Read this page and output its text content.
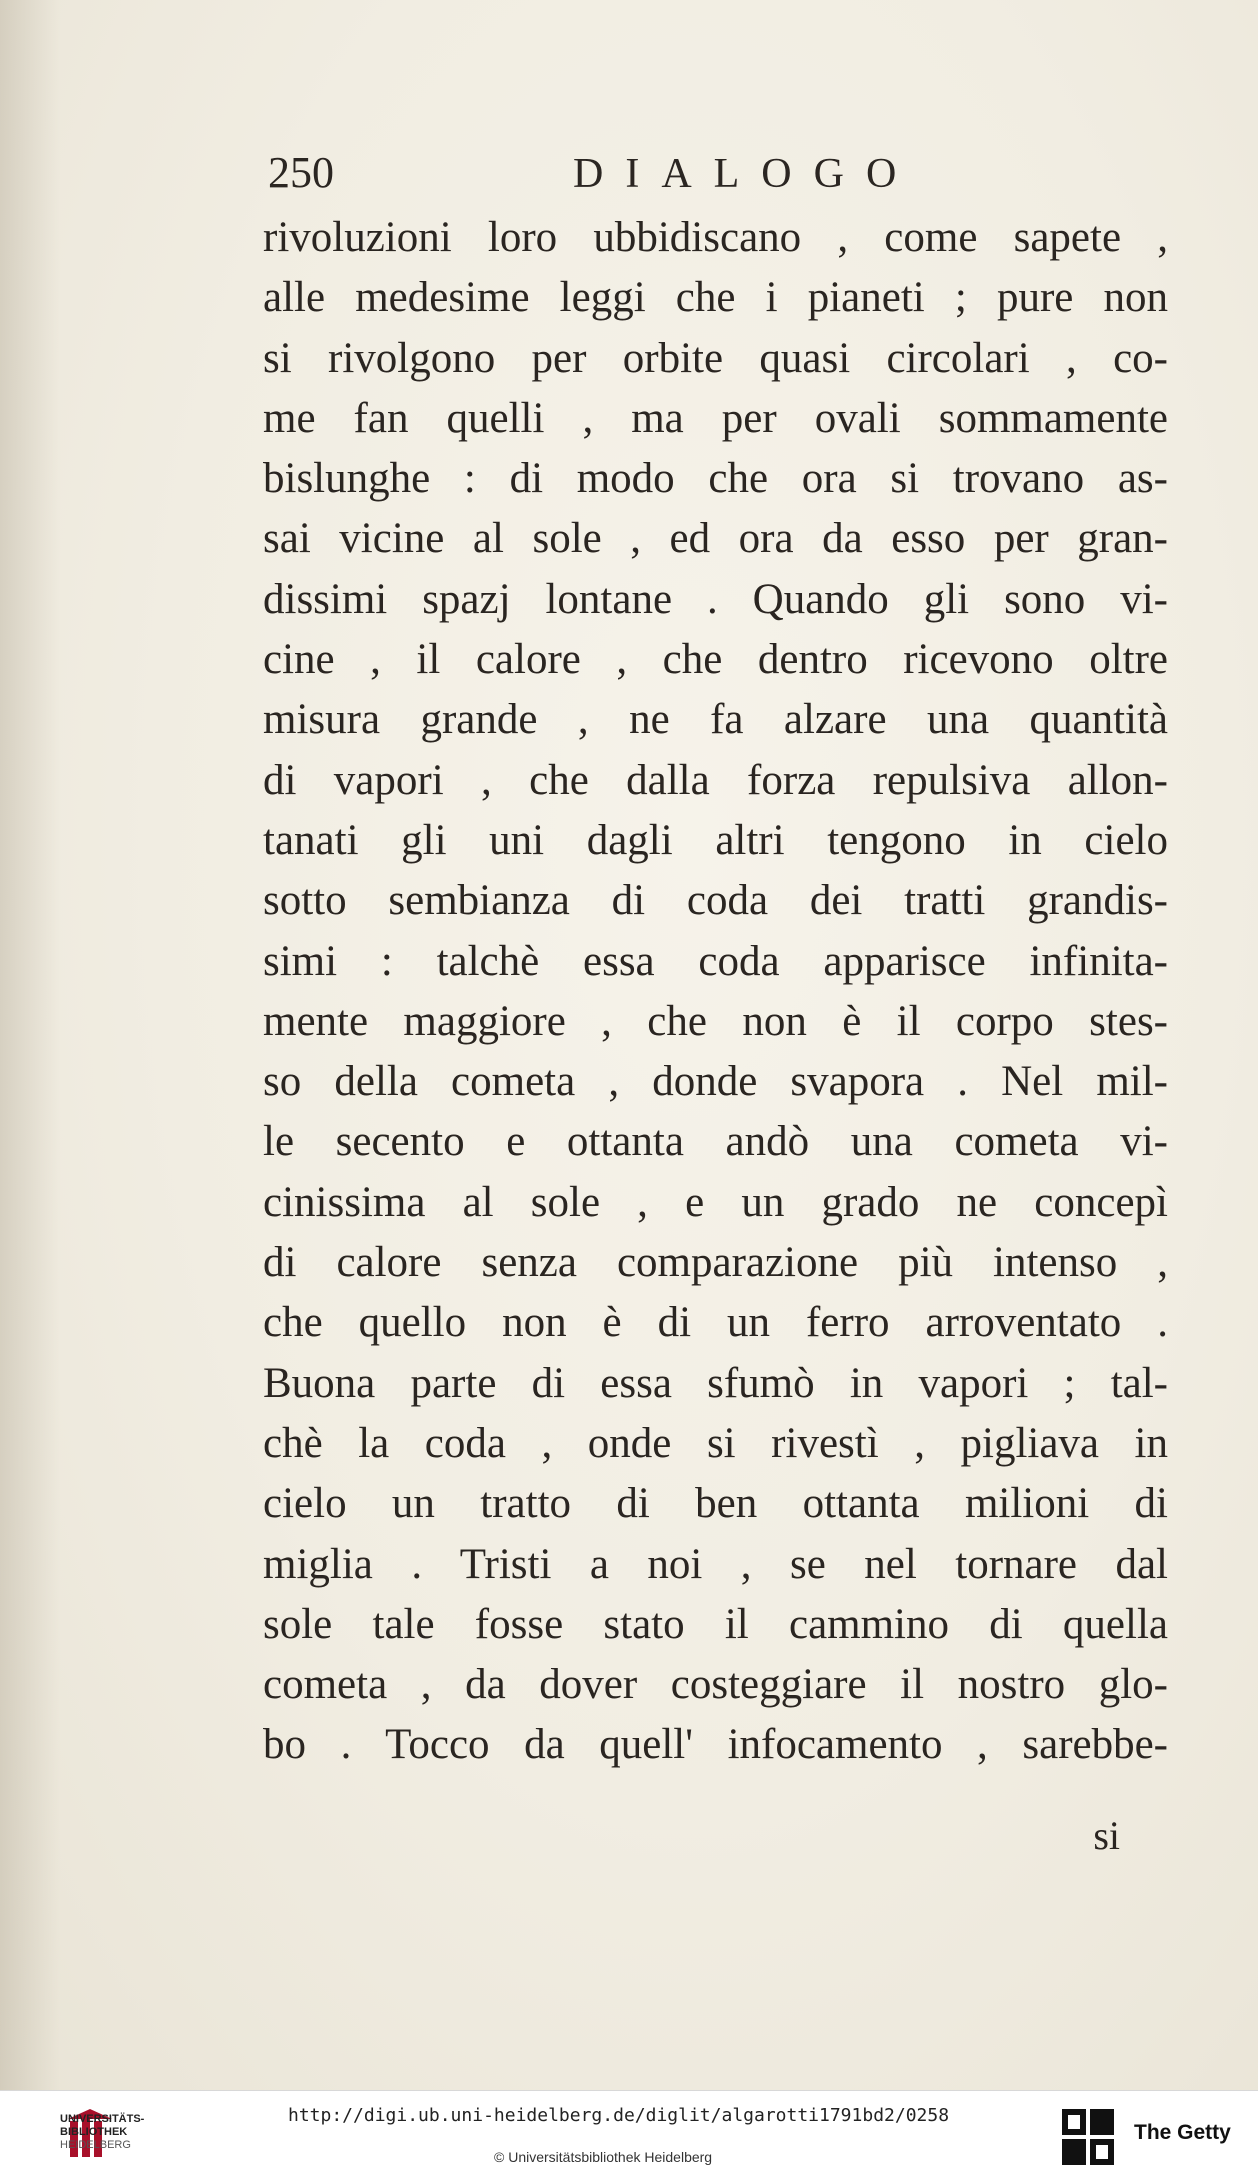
250	DIALOGO
rivoluzioni loro ubbidiscano , come sapete ,
alle medesime leggi che i pianeti ; pure non
si rivolgono per orbite quasi circolari , co-
me fan quelli , ma per ovali sommamente
bislunghe : di modo che ora si trovano as-
sai vicine al sole , ed ora da esso per gran-
dissimi spazj lontane . Quando gli sono vi-
cine , il calore , che dentro ricevono oltre
misura grande , ne fa alzare una quantità
di vapori , che dalla forza repulsiva allon-
tanati gli uni dagli altri tengono in cielo
sotto sembianza di coda dei tratti grandis-
simi : talchè essa coda apparisce infinita-
mente maggiore , che non è il corpo stes-
so della cometa , donde svapora . Nel mil-
le secento e ottanta andò una cometa vi-
cinissima al sole , e un grado ne concepì
di calore senza comparazione più intenso ,
che quello non è di un ferro arroventato .
Buona parte di essa sfumò in vapori ; tal-
chè la coda , onde si rivestì , pigliava in
cielo un tratto di ben ottanta milioni di
miglia . Tristi a noi , se nel tornare dal
sole tale fosse stato il cammino di quella
cometa , da dover costeggiare il nostro glo-
bo . Tocco da quell' infocamento , sarebbe-
si
UNIVERSITÄTS-
BIBLIOTHEK
HEIDELBERG
http://digi.ub.uni-heidelberg.de/diglit/algarotti1791bd2/0258
© Universitätsbibliothek Heidelberg
The Getty
